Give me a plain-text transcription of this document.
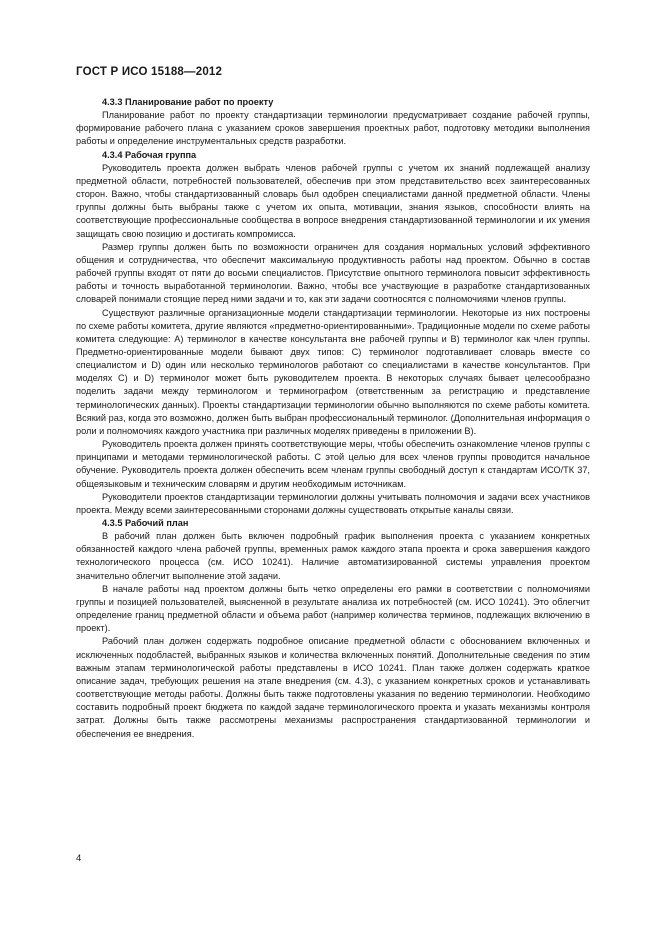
ГОСТ Р ИСО 15188—2012

4.3.3 Планирование работ по проекту

Планирование работ по проекту стандартизации терминологии предусматривает создание рабочей группы, формирование рабочего плана с указанием сроков завершения проектных работ, подготовку методики выполнения работы и определение инструментальных средств разработки.

4.3.4 Рабочая группа

Руководитель проекта должен выбрать членов рабочей группы с учетом их знаний подлежащей анализу предметной области, потребностей пользователей, обеспечив при этом представительство всех заинтересованных сторон. Важно, чтобы стандартизованный словарь был одобрен специалистами данной предметной области. Члены группы должны быть выбраны также с учетом их опыта, мотивации, знания языков, способности влиять на соответствующие профессиональные сообщества в вопросе внедрения стандартизованной терминологии и их умения защищать свою позицию и достигать компромисса.

Размер группы должен быть по возможности ограничен для создания нормальных условий эффективного общения и сотрудничества, что обеспечит максимальную продуктивность работы над проектом. Обычно в состав рабочей группы входят от пяти до восьми специалистов. Присутствие опытного терминолога повысит эффективность работы и точность выработанной терминологии. Важно, чтобы все участвующие в разработке стандартизованных словарей понимали стоящие перед ними задачи и то, как эти задачи соотносятся с полномочиями членов группы.

Существуют различные организационные модели стандартизации терминологии. Некоторые из них построены по схеме работы комитета, другие являются «предметно-ориентированными». Традиционные модели по схеме работы комитета следующие: А) терминолог в качестве консультанта вне рабочей группы и В) терминолог как член группы. Предметно-ориентированные модели бывают двух типов: С) терминолог подготавливает словарь вместе со специалистом и D) один или несколько терминологов работают со специалистами в качестве консультантов. При моделях С) и D) терминолог может быть руководителем проекта. В некоторых случаях бывает целесообразно поделить задачи между терминологом и терминографом (ответственным за регистрацию и представление терминологических данных). Проекты стандартизации терминологии обычно выполняются по схеме работы комитета. Всякий раз, когда это возможно, должен быть выбран профессиональный терминолог. (Дополнительная информация о роли и полномочиях каждого участника при различных моделях приведены в приложении В).

Руководитель проекта должен принять соответствующие меры, чтобы обеспечить ознакомление членов группы с принципами и методами терминологической работы. С этой целью для всех членов группы проводится начальное обучение. Руководитель проекта должен обеспечить всем членам группы свободный доступ к стандартам ИСО/ТК 37, общеязыковым и техническим словарям и другим необходимым источникам.

Руководители проектов стандартизации терминологии должны учитывать полномочия и задачи всех участников проекта. Между всеми заинтересованными сторонами должны существовать открытые каналы связи.

4.3.5 Рабочий план

В рабочий план должен быть включен подробный график выполнения проекта с указанием конкретных обязанностей каждого члена рабочей группы, временных рамок каждого этапа проекта и срока завершения каждого технологического процесса (см. ИСО 10241). Наличие автоматизированной системы управления проектом значительно облегчит выполнение этой задачи.

В начале работы над проектом должны быть четко определены его рамки в соответствии с полномочиями группы и позицией пользователей, выясненной в результате анализа их потребностей (см. ИСО 10241). Это облегчит определение границ предметной области и объема работ (например количества терминов, подлежащих включению в проект).

Рабочий план должен содержать подробное описание предметной области с обоснованием включенных и исключенных подобластей, выбранных языков и количества включенных понятий. Дополнительные сведения по этим важным этапам терминологической работы представлены в ИСО 10241. План также должен содержать краткое описание задач, требующих решения на этапе внедрения (см. 4.3), с указанием конкретных сроков и устанавливать соответствующие методы работы. Должны быть также подготовлены указания по ведению терминологии. Необходимо составить подробный проект бюджета по каждой задаче терминологического проекта и указать механизмы контроля затрат. Должны быть также рассмотрены механизмы распространения стандартизованной терминологии и обеспечения ее внедрения.

4
